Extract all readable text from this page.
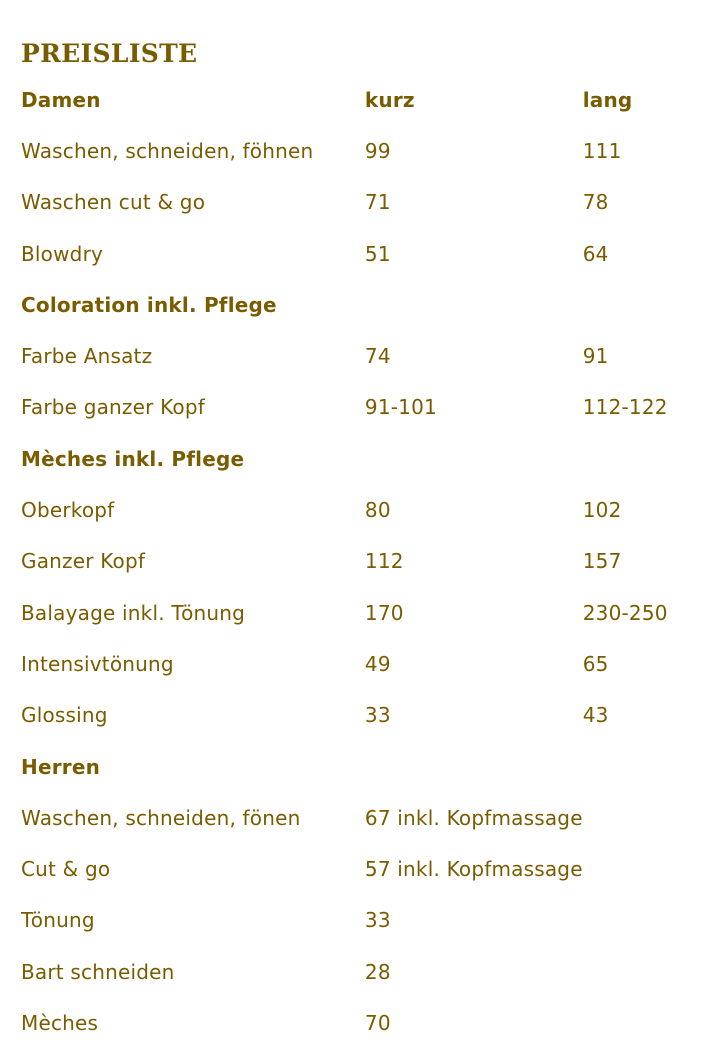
PREISLISTE
Damen	kurz	lang
Waschen, schneiden, föhnen	99	111
Waschen cut & go	71	78
Blowdry	51	64
Coloration inkl. Pflege		
Farbe Ansatz	74	91
Farbe ganzer Kopf	91-101	112-122
Mèches inkl. Pflege		
Oberkopf	80	102
Ganzer Kopf	112	157
Balayage inkl. Tönung	170	230-250
Intensivtönung	49	65
Glossing	33	43
Herren		
Waschen, schneiden, fönen	67 inkl. Kopfmassage	
Cut & go	57 inkl. Kopfmassage	
Tönung	33	
Bart schneiden	28	
Mèches	70	
